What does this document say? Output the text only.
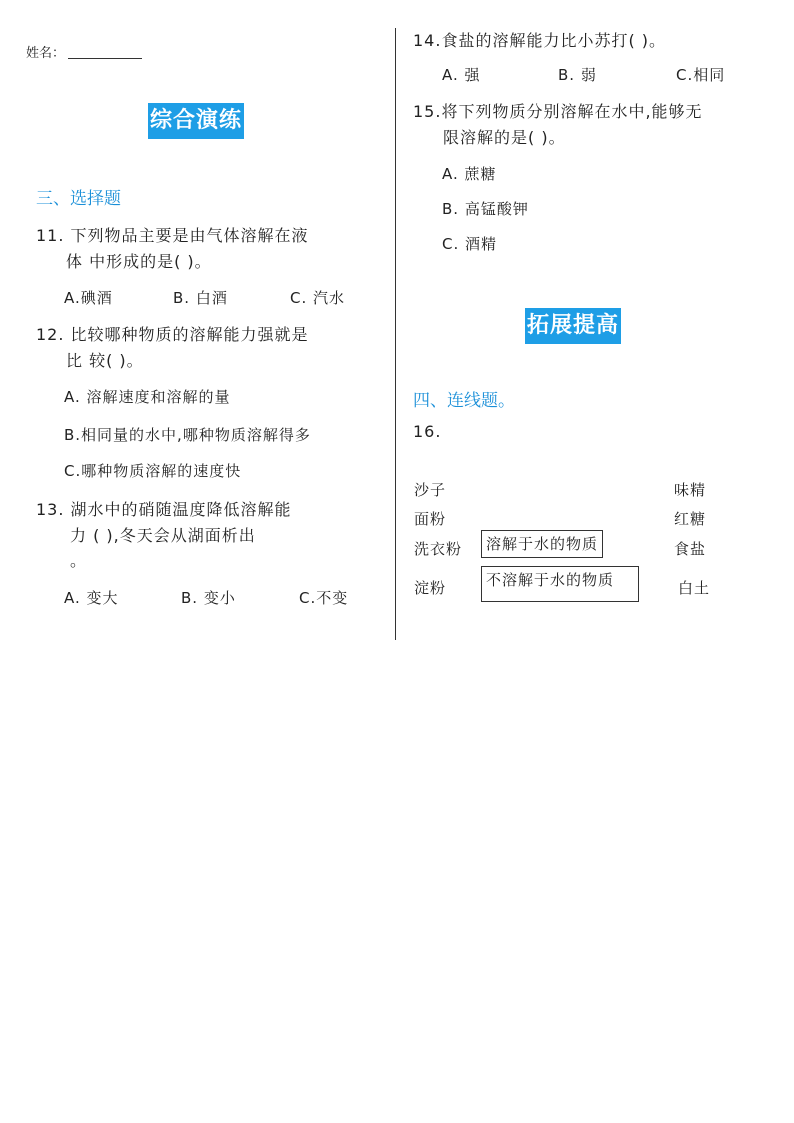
姓名：
综合演练
三、选择题
11. 下列物品主要是由气体溶解在液
体 中形成的是( )。
A.碘酒	B. 白酒	C. 汽水
12. 比较哪种物质的溶解能力强就是
比 较( )。
A. 溶解速度和溶解的量
B.相同量的水中,哪种物质溶解得多
C.哪种物质溶解的速度快
13. 湖水中的硝随温度降低溶解能
力 ( ),冬天会从湖面析出
。
A. 变大	B. 变小	C.不变
14.食盐的溶解能力比小苏打( )。
A. 强	B. 弱	C.相同
15.将下列物质分别溶解在水中,能够无
限溶解的是( )。
A. 蔗糖
B. 高锰酸钾
C. 酒精
拓展提高
四、连线题。
16.
沙子
面粉
洗衣粉
淀粉
溶解于水的物质
不溶解于水的物质
味精
红糖
食盐
白土
